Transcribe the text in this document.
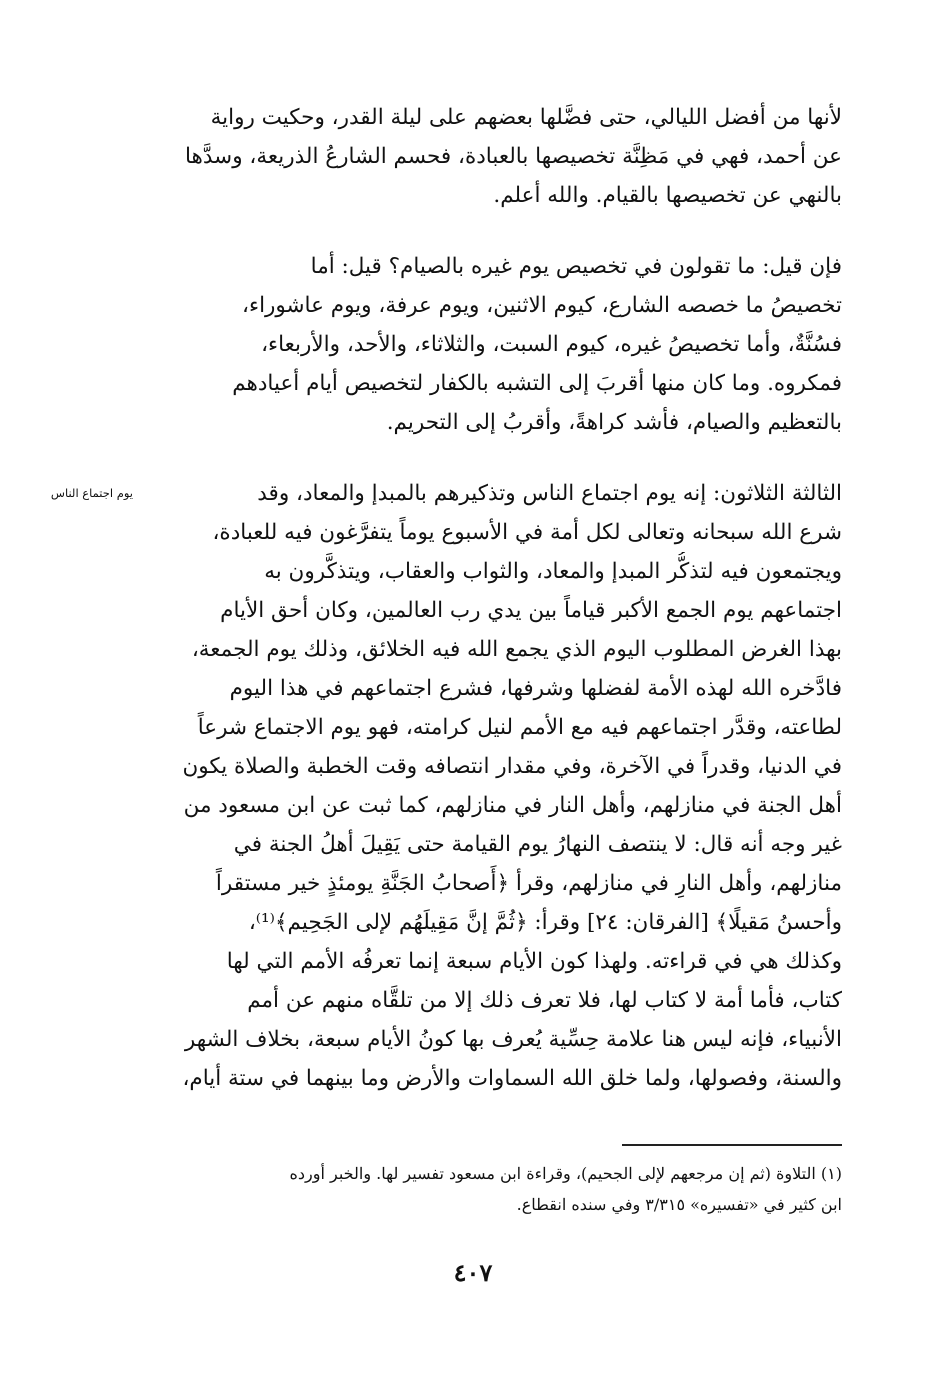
لأنها من أفضل الليالي، حتى فضَّلها بعضهم على ليلة القدر، وحكيت رواية
عن أحمد، فهي في مَظِنَّة تخصيصها بالعبادة، فحسم الشارعُ الذريعة، وسدَّها
بالنهي عن تخصيصها بالقيام. والله أعلم.
فإن قيل: ما تقولون في تخصيص يوم غيره بالصيام؟ قيل: أما
تخصيصُ ما خصصه الشارع، كيوم الاثنين، ويوم عرفة، ويوم عاشوراء،
فسُنَّةٌ، وأما تخصيصُ غيره، كيوم السبت، والثلاثاء، والأحد، والأربعاء،
فمكروه. وما كان منها أقربَ إلى التشبه بالكفار لتخصيص أيام أعيادهم
بالتعظيم والصيام، فأشد كراهةً، وأقربُ إلى التحريم.
يوم اجتماع الناس	الثالثة الثلاثون: إنه يوم اجتماع الناس وتذكيرهم بالمبدإ والمعاد، وقد
شرع الله سبحانه وتعالى لكل أمة في الأسبوع يوماً يتفرَّغون فيه للعبادة،
ويجتمعون فيه لتذكُّر المبدإ والمعاد، والثواب والعقاب، ويتذكَّرون به
اجتماعهم يوم الجمع الأكبر قياماً بين يدي رب العالمين، وكان أحق الأيام
بهذا الغرض المطلوب اليوم الذي يجمع الله فيه الخلائق، وذلك يوم الجمعة،
فادَّخره الله لهذه الأمة لفضلها وشرفها، فشرع اجتماعهم في هذا اليوم
لطاعته، وقدَّر اجتماعهم فيه مع الأمم لنيل كرامته، فهو يوم الاجتماع شرعاً
في الدنيا، وقدراً في الآخرة، وفي مقدار انتصافه وقت الخطبة والصلاة يكون
أهل الجنة في منازلهم، وأهل النار في منازلهم، كما ثبت عن ابن مسعود من
غير وجه أنه قال: لا ينتصف النهارُ يوم القيامة حتى يَقِيلَ أهلُ الجنة في
منازلهم، وأهل النارِ في منازلهم، وقرأ ﴿أَصحابُ الجَنَّةِ يومئذٍ خير مستقراً
وأحسنُ مَقيلًا﴾ [الفرقان: ٢٤] وقرأ: ﴿ثُمَّ إنَّ مَقِيلَهُم لإلى الجَحِيم﴾⁽¹⁾،
وكذلك هي في قراءته. ولهذا كون الأيام سبعة إنما تعرفُه الأمم التي لها
كتاب، فأما أمة لا كتاب لها، فلا تعرف ذلك إلا من تلقَّاه منهم عن أمم
الأنبياء، فإنه ليس هنا علامة حِسِّية يُعرف بها كونُ الأيام سبعة، بخلاف الشهر
والسنة، وفصولها، ولما خلق الله السماوات والأرض وما بينهما في ستة أيام،
(١) التلاوة (ثم إن مرجعهم لإلى الجحيم)، وقراءة ابن مسعود تفسير لها. والخبر أورده
ابن كثير في «تفسيره» ٣/٣١٥ وفي سنده انقطاع.
٤٠٧
